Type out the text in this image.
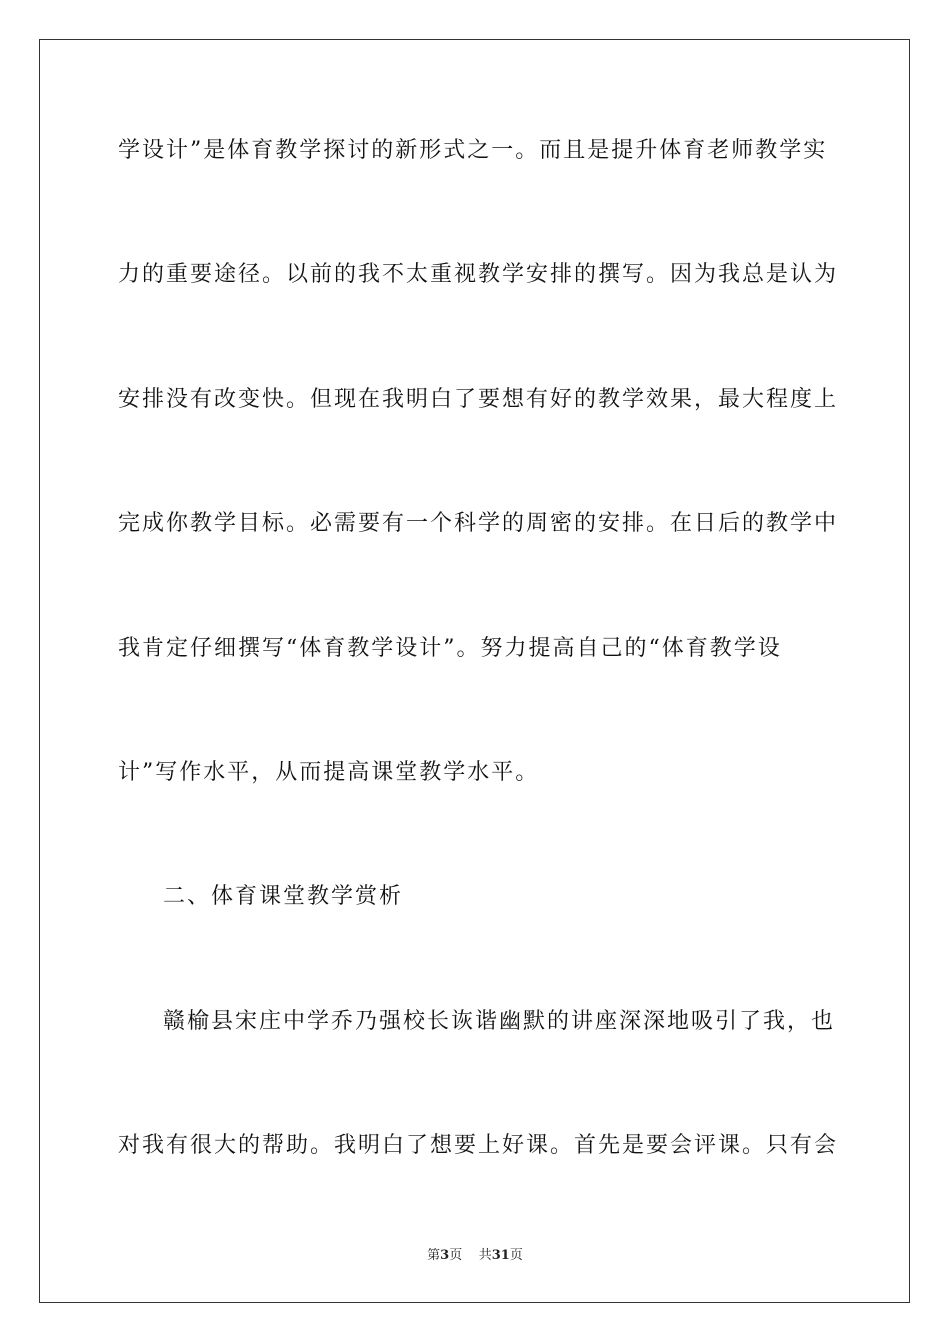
学设计”是体育教学探讨的新形式之一。而且是提升体育老师教学实
力的重要途径。以前的我不太重视教学安排的撰写。因为我总是认为
安排没有改变快。但现在我明白了要想有好的教学效果，最大程度上
完成你教学目标。必需要有一个科学的周密的安排。在日后的教学中
我肯定仔细撰写“体育教学设计”。努力提高自己的“体育教学设
计”写作水平，从而提高课堂教学水平。
二、体育课堂教学赏析
赣榆县宋庄中学乔乃强校长诙谐幽默的讲座深深地吸引了我，也
对我有很大的帮助。我明白了想要上好课。首先是要会评课。只有会
第3页 共31页
